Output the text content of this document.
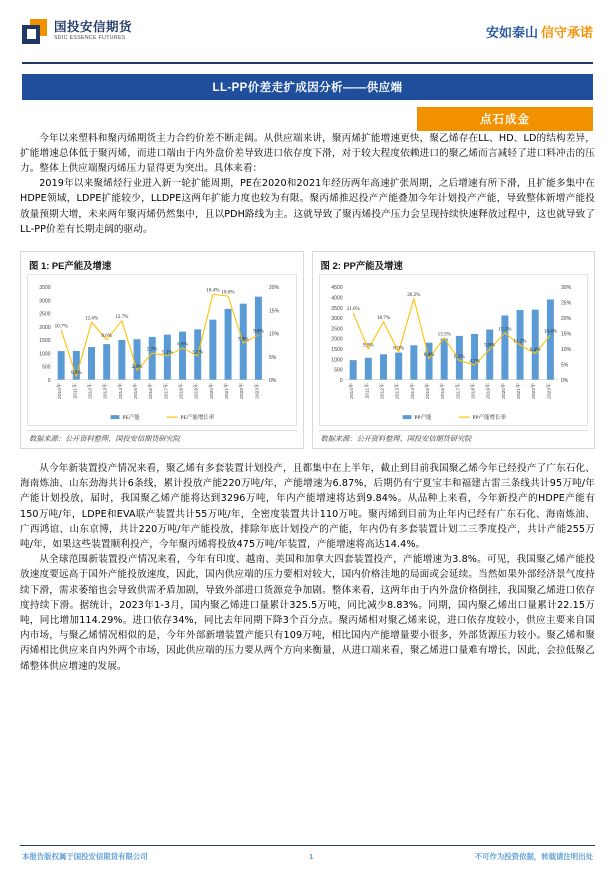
国投安信期货
SDIC ESSENCE FUTURES	安如泰山 信守承诺
LL-PP价差走扩成因分析——供应端
点石成金

今年以来塑料和聚丙烯期货主力合约价差不断走阔。从供应端来讲，聚丙烯扩能增速更快，聚乙烯存在LL、HD、LD的结构差异，扩能增速总体低于聚丙烯，而进口端由于内外盘价差导致进口依存度下滑，对于较大程度依赖进口的聚乙烯而言减轻了进口料冲击的压力。整体上供应端聚丙烯压力显得更为突出。具体来看：

2019年以来聚烯烃行业进入新一轮扩能周期，PE在2020和2021年经历两年高速扩张周期，之后增速有所下滑，且扩能多集中在HDPE领域，LDPE扩能较少，LLDPE这两年扩能力度也较为有限。聚丙烯推迟投产产能叠加今年计划投产产能，导致整体新增产能投放量预期大增，未来两年聚丙烯仍然集中，且以PDH路线为主。这就导致了聚丙烯投产压力会呈现持续快速释放过程中，这也就导致了LL-PP价差有长期走阔的驱动。

图 1: PE产能及增速
0
500
1000
1500
2000
2500
3000
3500
0%
5%
10%
15%
20%
10.7%
0.6%
12.4%
8.6%
12.7%
2.0%
5.7% 5.1%
6.8%
5.1%
18.4% 18.0%
7.9%
9.6%
2010年	2011年	2012年	2013年	2014年	2015年	2016年	2017年	2018年	2019年	2020年	2021年	2022年	2023年
PE产能	PE产能增长率
数据来源：公开资料整理、国投安信期货研究院
图 2: PP产能及增速
0
500
1000
1500
2000
2500
3000
3500
4000
4500
0%
5%
10%
15%
20%
25%
30%
21.6%
9.9%
18.7%
8.9%
26.2%
6.8%
13.5%
6.2%
4.7%
9.8%
15.1%
11.2%
8.4%
14.4%
2010年	2011年	2012年	2013年	2014年	2015年	2016年	2017年	2018年	2019年	2020年	2021年	2022年	2023年
PP产能	PP产能增长率
数据来源：公开资料整理、国投安信期货研究院

从今年新装置投产情况来看，聚乙烯有多套装置计划投产，且都集中在上半年，截止到目前我国聚乙烯今年已经投产了广东石化、海南炼油、山东劲海共计6条线，累计投放产能220万吨/年，产能增速为6.87%，后期仍有宁夏宝丰和福建古雷三条线共计95万吨/年产能计划投放，届时，我国聚乙烯产能将达到3296万吨，年内产能增速将达到9.84%。从品种上来看，今年新投产的HDPE产能有150万吨/年，LDPE和EVA联产装置共计55万吨/年，全密度装置共计110万吨。聚丙烯到目前为止年内已经有广东石化、海南炼油、广西鸿谊、山东京博，共计220万吨/年产能投放，排除年底计划投产的产能，年内仍有多套装置计划二三季度投产，共计产能255万吨/年，如果这些装置顺利投产，今年聚丙烯将投放475万吨/年装置，产能增速将高达14.4%。

从全球范围新装置投产情况来看，今年有印度、越南、美国和加拿大四套装置投产，产能增速为3.8%。可见，我国聚乙烯产能投放速度要远高于国外产能投放速度，因此，国内供应端的压力要相对较大，国内价格洼地的局面或会延续。当然如果外部经济景气度持续下滑，需求萎缩也会导致供需矛盾加剧，导致外部进口货源竞争加剧。整体来看，这两年由于内外盘价格倒挂，我国聚乙烯进口依存度持续下滑。据统计，2023年1-3月，国内聚乙烯进口量累计325.5万吨，同比减少8.83%。同期，国内聚乙烯出口量累计22.15万吨，同比增加114.29%。进口依存34%，同比去年同期下降3个百分点。聚丙烯相对聚乙烯来说，进口依存度较小，供应主要来自国内市场，与聚乙烯情况相似的是，今年外部新增装置产能只有109万吨，相比国内产能增量要小很多，外部货源压力较小。聚乙烯和聚丙烯相比供应来自内外两个市场，因此供应端的压力要从两个方向来衡量，从进口端来看，聚乙烯进口量难有增长，因此，会拉低聚乙烯整体供应增速的发展。

本报告版权属于国投安信期货有限公司	1	不可作为投资依据，转载请注明出处
